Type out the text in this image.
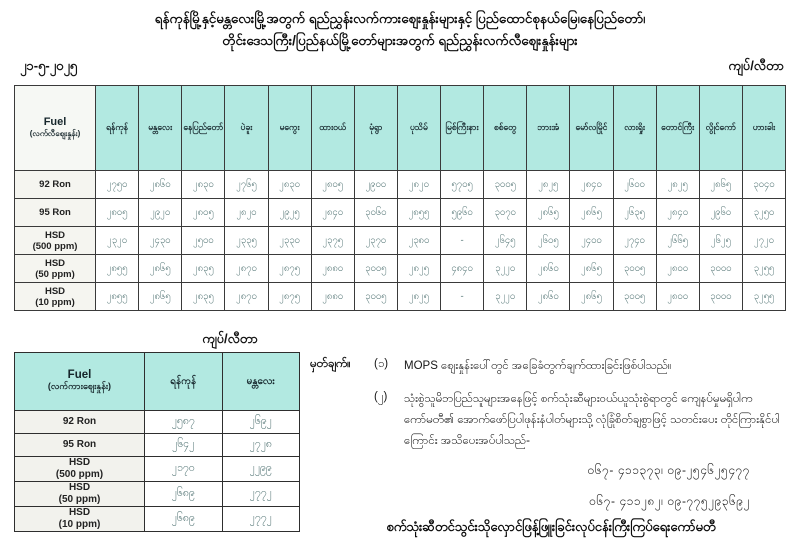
ရန်ကုန်မြို့နှင့်မန္တလေးမြို့အတွက် ရည်ညွှန်းလက်ကားဈေးနှုန်းများနှင့် ပြည်ထောင်စုနယ်မြေ၊နေပြည်တော်၊
တိုင်းဒေသကြီး/ပြည်နယ်မြို့တော်များအတွက် ရည်ညွှန်းလက်လီဈေးနှုန်းများ
၂၁-၅-၂၀၂၅	ကျပ်/လီတာ
Fuel
(လက်လီဈေးနှုန်း)	ရန်ကုန်	မန္တလေး	နေပြည်တော်	ပဲခူး	မကွေး	ထားဝယ်	မုံရွာ	ပုသိမ်	မြစ်ကြီးနား	စစ်တွေ	ဘားအံ	မော်လမြိုင်	လားရှိုး	တောင်ကြီး	လွိုင်ကော်	ဟားခါး

92 Ron	၂၇၅၀	၂၈၆၀	၂၈၃၀	၂၇၆၅	၂၈၃၀	၂၈၀၅	၂၉၀၀	၂၈၂၀	၅၇၀၅	၃၀၀၅	၂၈၂၅	၂၈၄၀	၂၆၀၀	၂၈၂၅	၂၈၆၅	၃၀၄၀

95 Ron	၂၈၀၅	၂၉၂၀	၂၈၀၅	၂၈၂၀	၂၉၂၅	၂၈၄၀	၃၀၆၀	၂၈၅၅	၅၉၆၀	၃၀၇၀	၂၈၆၅	၂၈၆၅	၂၆၃၅	၂၈၄၀	၂၉၆၀	၃၂၅၀

HSD
(500 ppm)	၂၃၂၀	၂၄၃၀	၂၅၀၀	၂၃၃၅	၂၃၃၀	၂၃၇၅	၂၃၇၀	၂၃၈၀	-	၂၆၄၅	၂၆၀၅	၂၄၀၀	၂၇၄၀	၂၆၆၅	၂၆၂၅	၂၇၂၀

HSD
(50 ppm)	၂၈၅၅	၂၈၆၅	၂၈၃၅	၂၈၇၀	၂၈၇၅	၂၈၈၀	၃၀၀၅	၂၈၂၅	၄၈၄၀	၃၂၂၀	၂၈၆၀	၂၈၆၅	၃၀၀၅	၂၈၀၀	၃၀၀၀	၃၂၅၅

HSD
(10 ppm)	၂၈၅၅	၂၈၆၅	၂၈၃၅	၂၈၇၀	၂၈၇၅	၂၈၈၀	၃၀၀၅	၂၈၂၅	-	၃၂၂၀	၂၈၆၀	၂၈၆၅	၃၀၀၅	၂၈၀၀	၃၀၀၀	၃၂၅၅
ကျပ်/လီတာ
Fuel
(လက်ကားဈေးနှုန်း)	ရန်ကုန်	မန္တလေး

92 Ron	၂၅၈၇	၂၆၉၂

95 Ron	၂၆၄၂	၂၇၂၈

HSD
(500 ppm)	၂၁၇၀	၂၂၉၉

HSD
(50 ppm)	၂၆၈၉	၂၇၇၂

HSD
(10 ppm)	၂၆၈၉	၂၇၇၂
မှတ်ချက်။	(၁)	MOPS ဈေးနှုန်းပေါ်တွင် အခြေခံတွက်ချက်ထားခြင်းဖြစ်ပါသည်။
(၂)	သုံးစွဲသူမိဘပြည်သူများအနေဖြင့် စက်သုံးဆီများဝယ်ယူသုံးစွဲရာတွင် ကျေနပ်မှုမရှိပါက ကော်မတီ၏ အောက်ဖော်ပြပါဖုန်းနံပါတ်များသို့ လုံခြုံစိတ်ချစွာဖြင့် သတင်းပေး တိုင်ကြားနိုင်ပါကြောင်း အသိပေးအပ်ပါသည်-
၀၆၇- ၄၁၁၃၇၃၊ ၀၉-၂၅၄၆၂၅၄၇၇
၀၆၇- ၄၁၁၂၈၂၊ ၀၉-၇၇၅၂၉၃၆၉၂
စက်သုံးဆီတင်သွင်းသိုလှောင်ဖြန့်ဖြူးခြင်းလုပ်ငန်းကြီးကြပ်ရေးကော်မတီ
